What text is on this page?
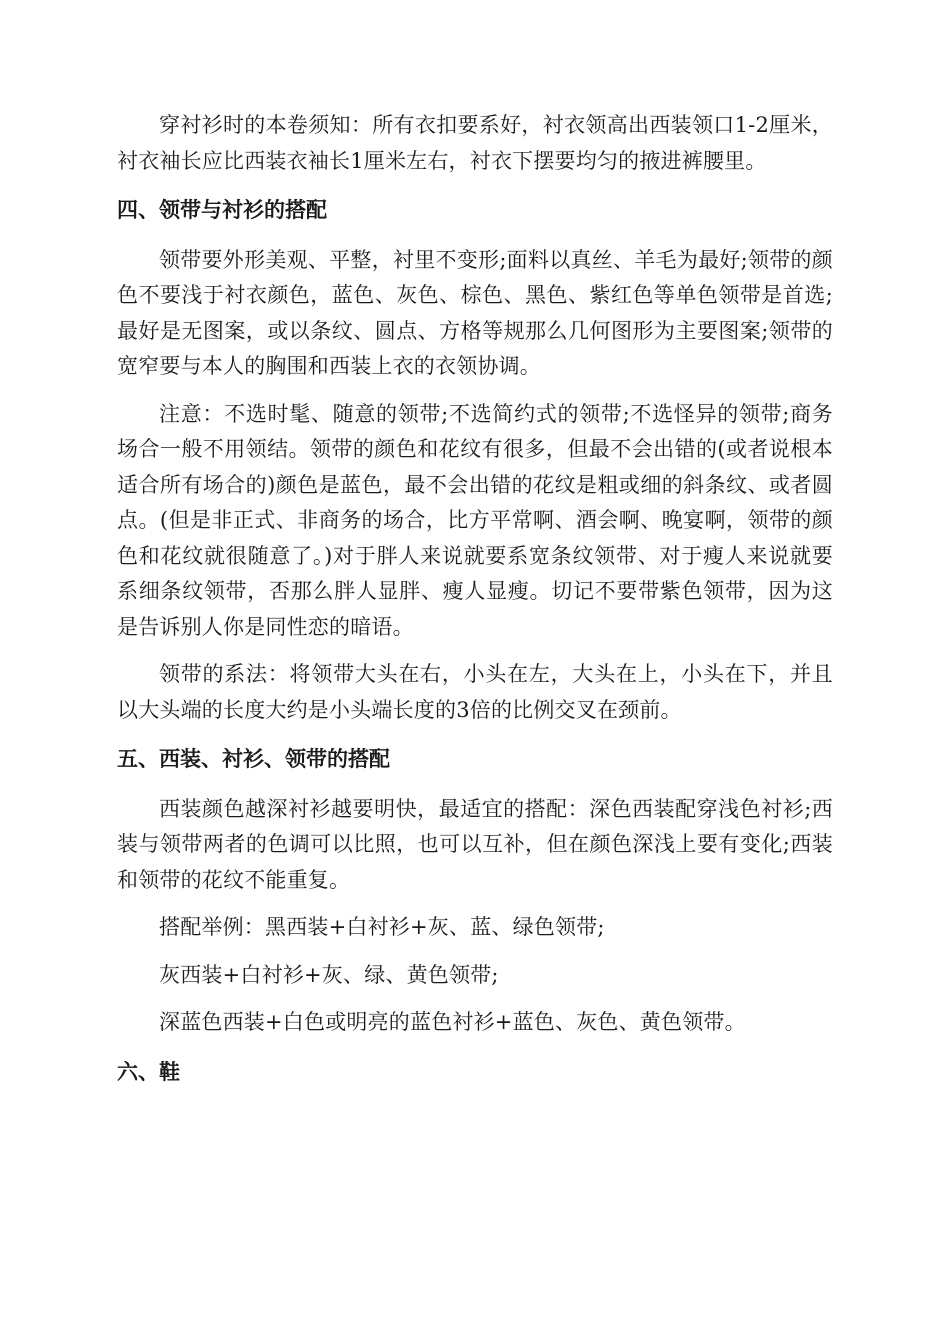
穿衬衫时的本卷须知：所有衣扣要系好，衬衣领高出西装领口1-2厘米，衬衣袖长应比西装衣袖长1厘米左右，衬衣下摆要均匀的掖进裤腰里。

四、领带与衬衫的搭配

领带要外形美观、平整，衬里不变形;面料以真丝、羊毛为最好;领带的颜色不要浅于衬衣颜色，蓝色、灰色、棕色、黑色、紫红色等单色领带是首选;最好是无图案，或以条纹、圆点、方格等规那么几何图形为主要图案;领带的宽窄要与本人的胸围和西装上衣的衣领协调。

注意：不选时髦、随意的领带;不选简约式的领带;不选怪异的领带;商务场合一般不用领结。领带的颜色和花纹有很多，但最不会出错的(或者说根本适合所有场合的)颜色是蓝色，最不会出错的花纹是粗或细的斜条纹、或者圆点。(但是非正式、非商务的场合，比方平常啊、酒会啊、晚宴啊，领带的颜色和花纹就很随意了。)对于胖人来说就要系宽条纹领带、对于瘦人来说就要系细条纹领带，否那么胖人显胖、瘦人显瘦。切记不要带紫色领带，因为这是告诉别人你是同性恋的暗语。

领带的系法：将领带大头在右，小头在左，大头在上，小头在下，并且以大头端的长度大约是小头端长度的3倍的比例交叉在颈前。

五、西装、衬衫、领带的搭配

西装颜色越深衬衫越要明快，最适宜的搭配：深色西装配穿浅色衬衫;西装与领带两者的色调可以比照，也可以互补，但在颜色深浅上要有变化;西装和领带的花纹不能重复。

搭配举例：黑西装+白衬衫+灰、蓝、绿色领带;

灰西装+白衬衫+灰、绿、黄色领带;

深蓝色西装+白色或明亮的蓝色衬衫+蓝色、灰色、黄色领带。

六、鞋
